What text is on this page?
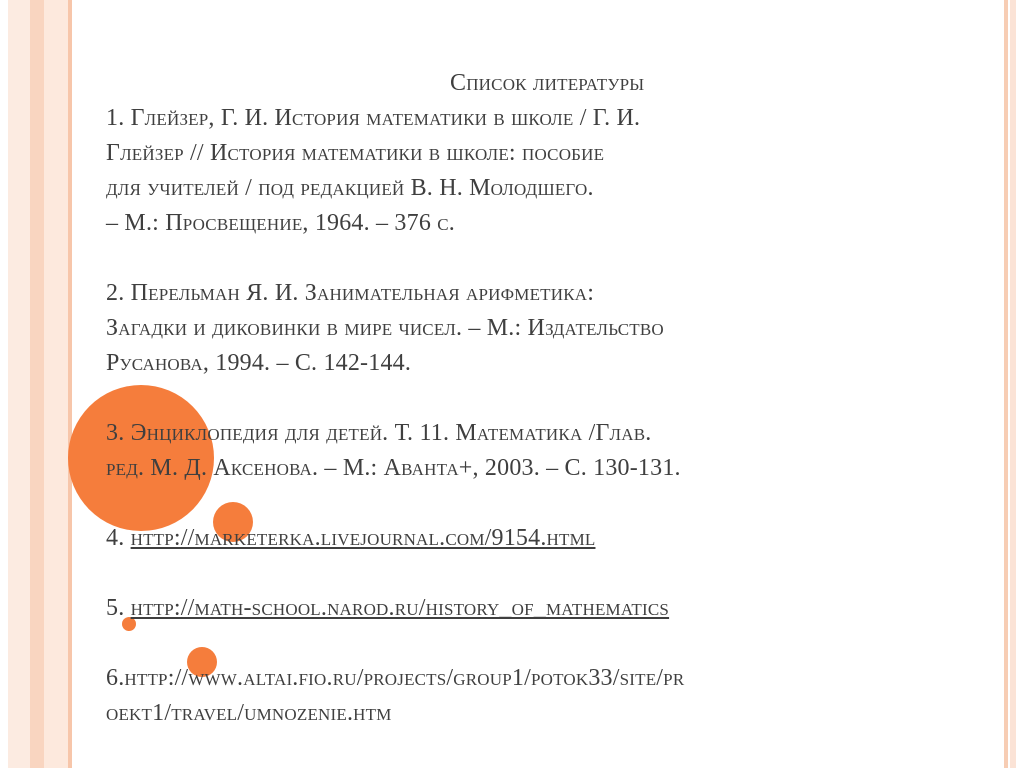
Список литературы
1. Глейзер, Г. И. История математики в школе / Г. И.
Глейзер // История математики в школе: пособие
для учителей / под редакцией В. Н. Молодшего.
– М.: Просвещение, 1964. – 376 с.
2. Перельман Я. И. Занимательная арифметика:
Загадки и диковинки в мире чисел. – М.: Издательство
Русанова, 1994. – С. 142-144.
3. Энциклопедия для детей. Т. 11. Математика /Глав.
ред. М. Д. Аксенова. – М.: Аванта+, 2003. – С. 130-131.
4. http://marketerka.livejournal.com/9154.html
5. http://math-school.narod.ru/history_of_mathematics
6.http://www.altai.fio.ru/projects/group1/potok33/site/pr
oekt1/travel/umnozenie.htm
